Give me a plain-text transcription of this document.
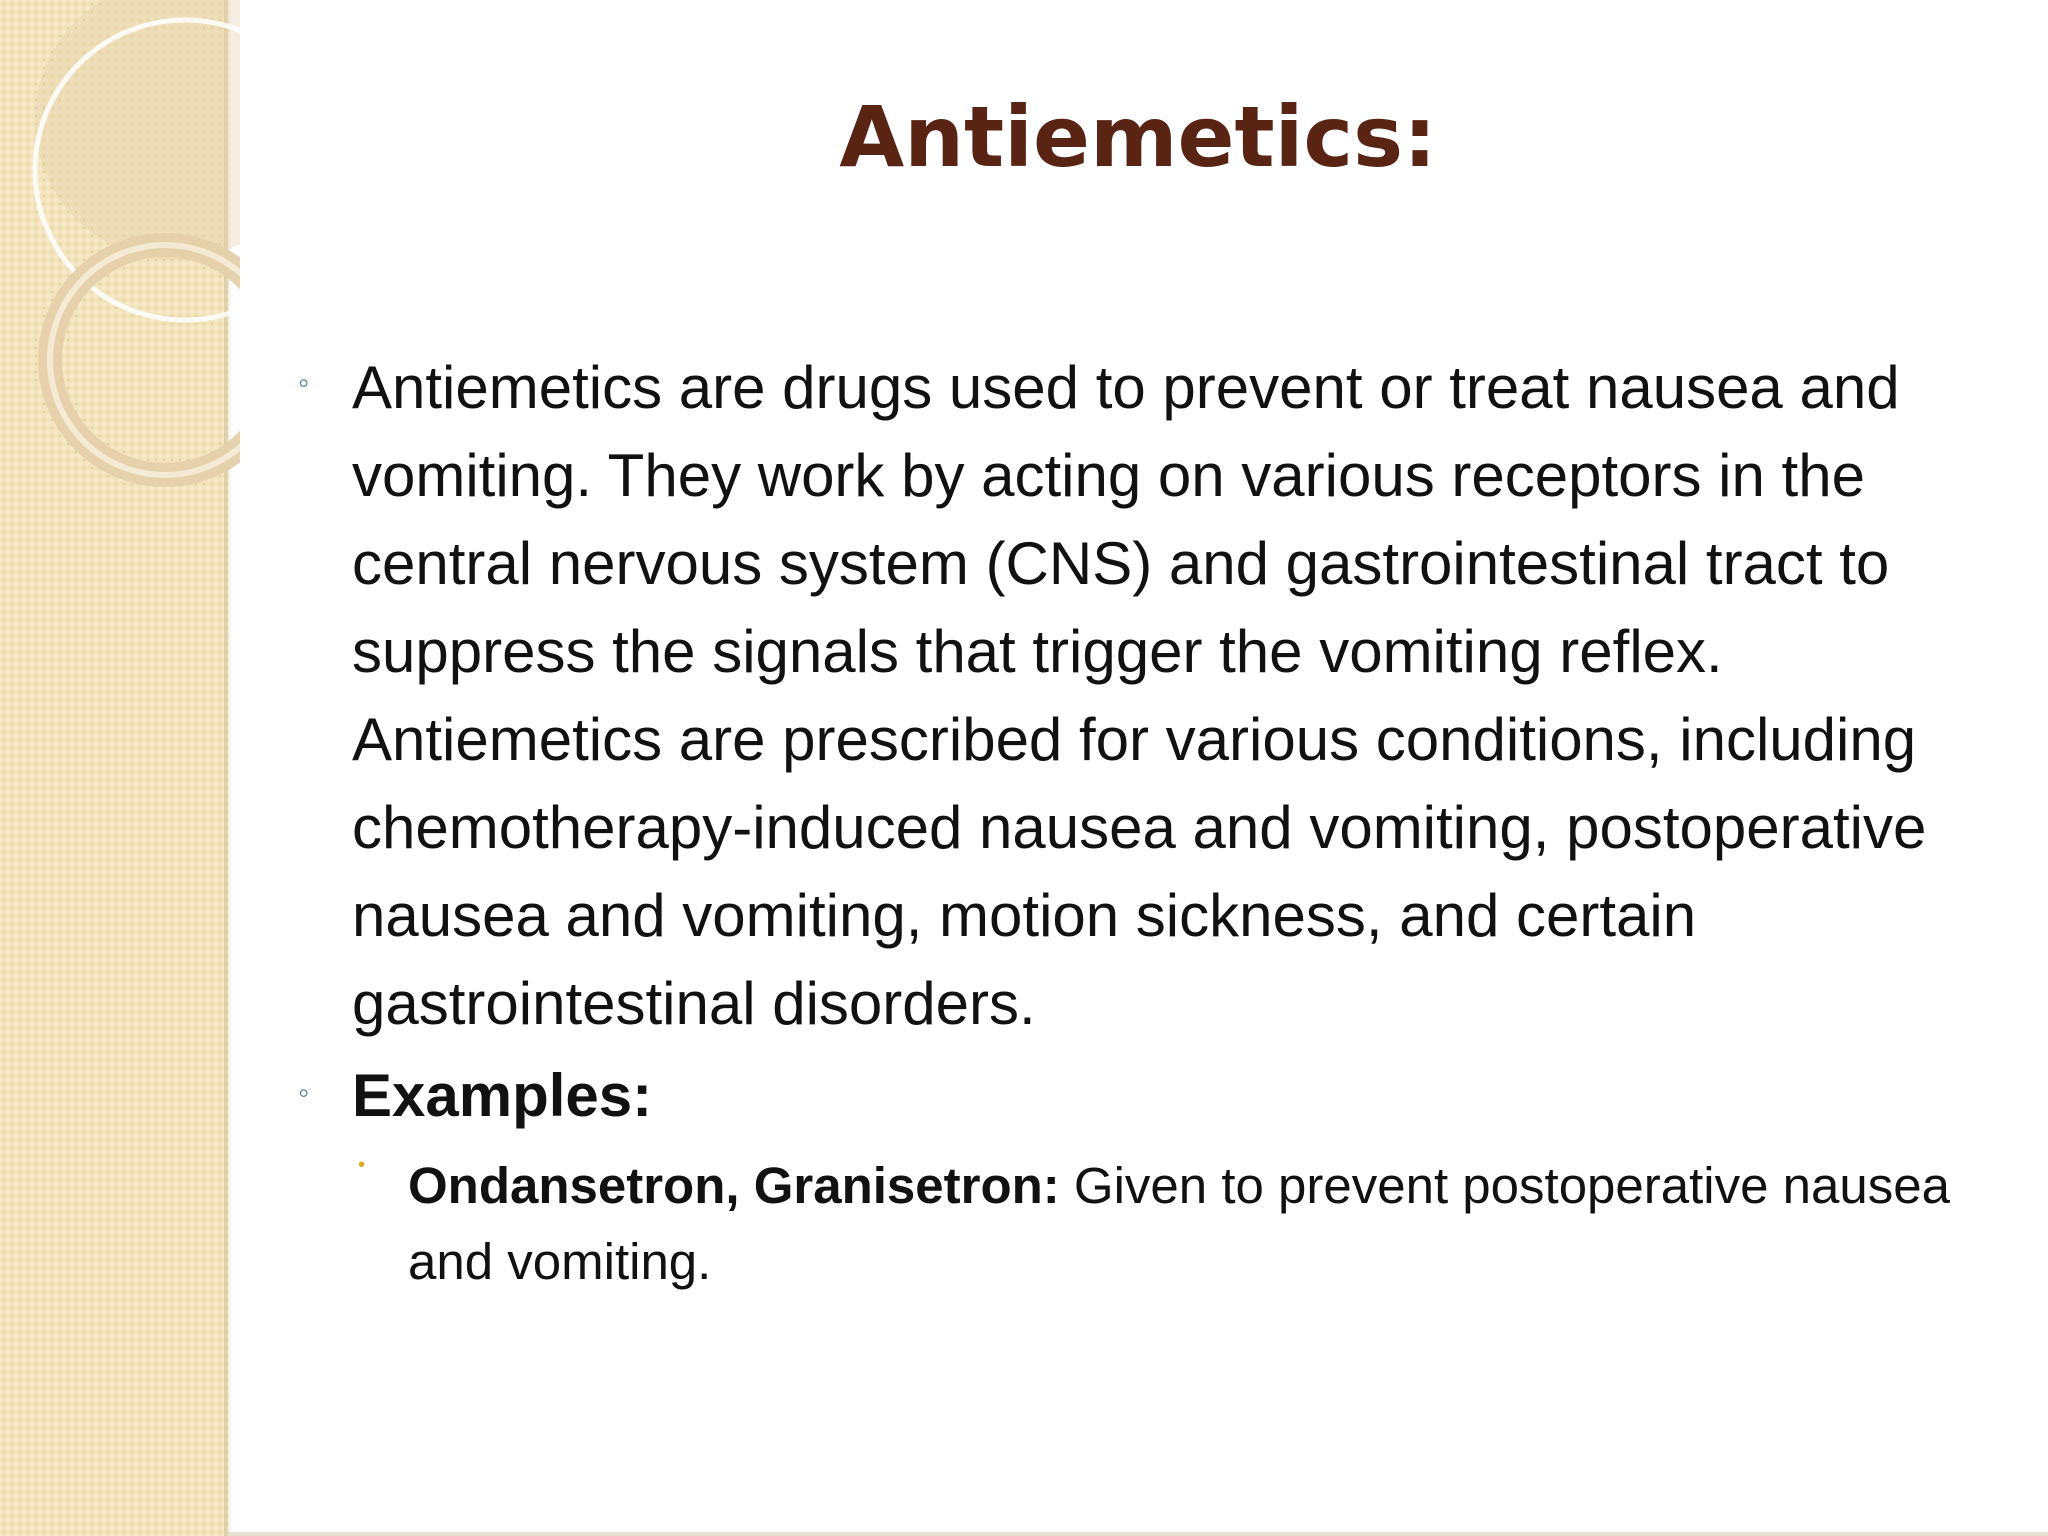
Antiemetics:
◦ Antiemetics are drugs used to prevent or treat nausea and vomiting. They work by acting on various receptors in the central nervous system (CNS) and gastrointestinal tract to suppress the signals that trigger the vomiting reflex. Antiemetics are prescribed for various conditions, including chemotherapy-induced nausea and vomiting, postoperative nausea and vomiting, motion sickness, and certain gastrointestinal disorders.

◦ Examples:

• Ondansetron, Granisetron: Given to prevent postoperative nausea and vomiting.
